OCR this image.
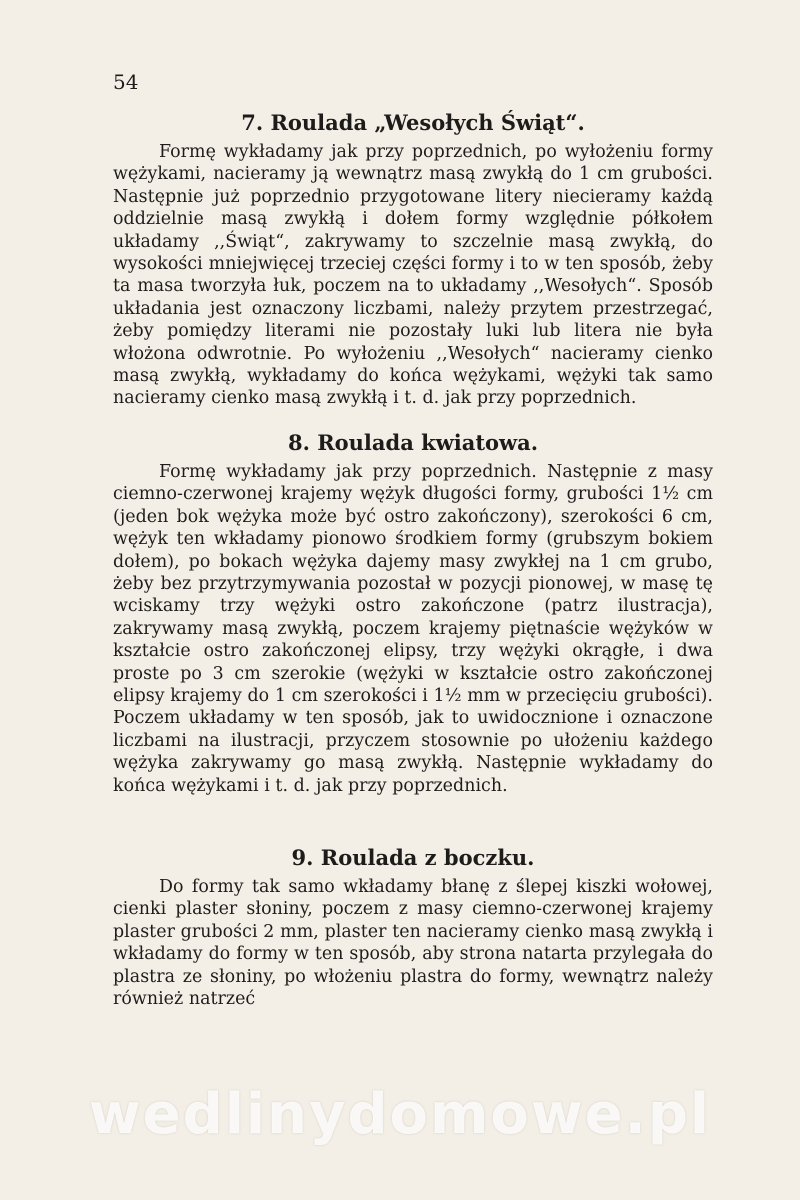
54
7. Roulada „Wesołych Świąt“.

Formę wykładamy jak przy poprzednich, po wyłożeniu formy wężykami, nacieramy ją wewnątrz masą zwykłą do 1 cm grubości. Następnie już poprzednio przygotowane litery niecieramy każdą oddzielnie masą zwykłą i dołem formy względnie półkołem układamy ,,Świąt“, zakrywamy to szczelnie masą zwykłą, do wysokości mniejwięcej trzeciej części formy i to w ten sposób, żeby ta masa tworzyła łuk, poczem na to układamy ,,Wesołych“. Sposób układania jest oznaczony liczbami, należy przytem przestrzegać, żeby pomiędzy literami nie pozostały luki lub litera nie była włożona odwrotnie. Po wyłożeniu ,,Wesołych“ nacieramy cienko masą zwykłą, wykładamy do końca wężykami, wężyki tak samo nacieramy cienko masą zwykłą i t. d. jak przy poprzednich.

8. Roulada kwiatowa.

Formę wykładamy jak przy poprzednich. Następnie z masy ciemno-czerwonej krajemy wężyk długości formy, grubości 1½ cm (jeden bok wężyka może być ostro zakończony), szerokości 6 cm, wężyk ten wkładamy pionowo środkiem formy (grubszym bokiem dołem), po bokach wężyka dajemy masy zwykłej na 1 cm grubo, żeby bez przytrzymywania pozostał w pozycji pionowej, w masę tę wciskamy trzy wężyki ostro zakończone (patrz ilustracja), zakrywamy masą zwykłą, poczem krajemy piętnaście wężyków w kształcie ostro zakończonej elipsy, trzy wężyki okrągłe, i dwa proste po 3 cm szerokie (wężyki w kształcie ostro zakończonej elipsy krajemy do 1 cm szerokości i 1½ mm w przecięciu grubości). Poczem układamy w ten sposób, jak to uwidocznione i oznaczone liczbami na ilustracji, przyczem stosownie po ułożeniu każdego wężyka zakrywamy go masą zwykłą. Następnie wykładamy do końca wężykami i t. d. jak przy poprzednich.

9. Roulada z boczku.

Do formy tak samo wkładamy błanę z ślepej kiszki wołowej, cienki plaster słoniny, poczem z masy ciemno-czerwonej krajemy plaster grubości 2 mm, plaster ten nacieramy cienko masą zwykłą i wkładamy do formy w ten sposób, aby strona natarta przylegała do plastra ze słoniny, po włożeniu plastra do formy, wewnątrz należy również natrzeć

wedlinydomowe.pl
